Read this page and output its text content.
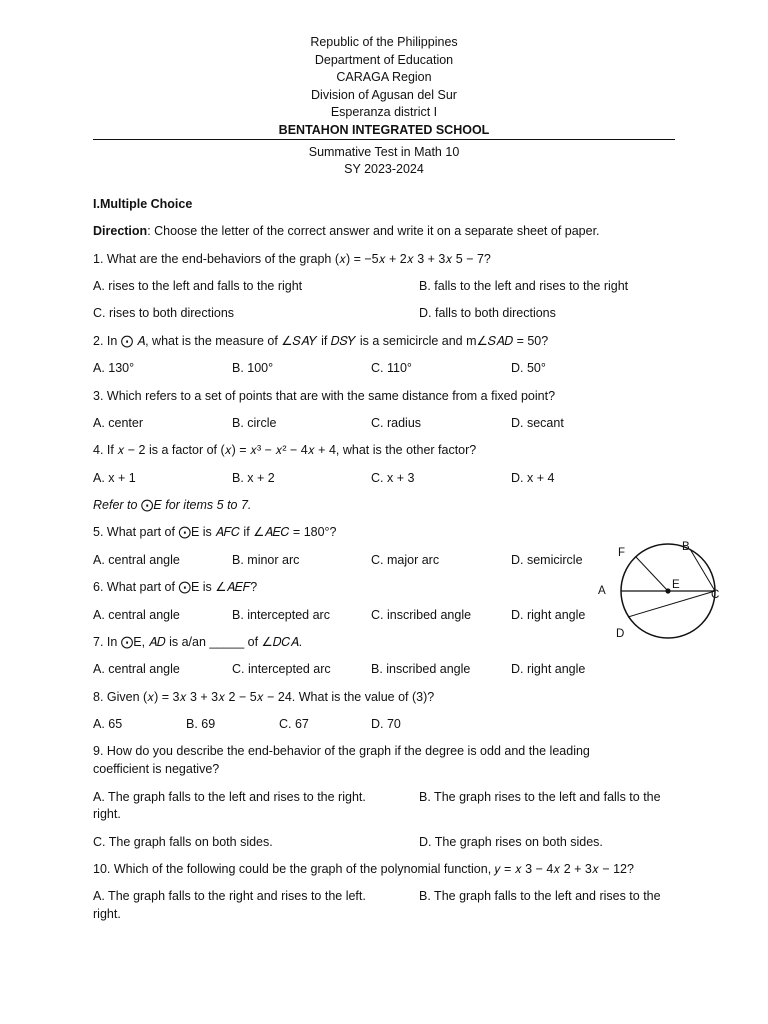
Republic of the Philippines
Department of Education
CARAGA Region
Division of Agusan del Sur
Esperanza district I
BENTAHON INTEGRATED SCHOOL
Summative Test in Math 10
SY 2023-2024
I.Multiple Choice
Direction: Choose the letter of the correct answer and write it on a separate sheet of paper.
1. What are the end-behaviors of the graph (𝑥) = −5𝑥 + 2𝑥 3 + 3𝑥 5 − 7?
A. rises to the left and falls to the right	B. falls to the left and rises to the right
C. rises to both directions	D. falls to both directions
2. In ⨀ 𝐴, what is the measure of ∠𝑆𝐴𝑌 if 𝐷𝑆𝑌 is a semicircle and m∠𝑆𝐴𝐷 = 50?
A. 130°	B. 100°	C. 110°	D. 50°
3. Which refers to a set of points that are with the same distance from a fixed point?
A. center	B. circle	C. radius	D. secant
4. If 𝑥 − 2 is a factor of (𝑥) = 𝑥³ − 𝑥² − 4𝑥 + 4, what is the other factor?
A. x + 1	B. x + 2	C. x + 3	D. x + 4
Refer to ⨀E for items 5 to 7.
5. What part of ⨀E is 𝐴𝐹𝐶 if ∠𝐴𝐸𝐶 = 180°?
A. central angle	B. minor arc	C. major arc	D. semicircle
6. What part of ⨀E is ∠𝐴𝐸𝐹?
A. central angle	B. intercepted arc	C. inscribed angle	D. right angle
7. In ⨀E, 𝐴𝐷 is a/an _____ of ∠𝐷𝐶𝐴.
A. central angle	C. intercepted arc	B. inscribed angle	D. right angle
8. Given (𝑥) = 3𝑥 3 + 3𝑥 2 − 5𝑥 − 24. What is the value of (3)?
A. 65	B. 69	C. 67	D. 70
9. How do you describe the end-behavior of the graph if the degree is odd and the leading
coefficient is negative?
A. The graph falls to the left and rises to the right.	B. The graph rises to the left and falls to the
right.
C. The graph falls on both sides.	D. The graph rises on both sides.
10. Which of the following could be the graph of the polynomial function, 𝑦 = 𝑥 3 − 4𝑥 2 + 3𝑥 − 12?
A. The graph falls to the right and rises to the left.	B. The graph falls to the left and rises to the
right.
F	B
A	E
C
D
